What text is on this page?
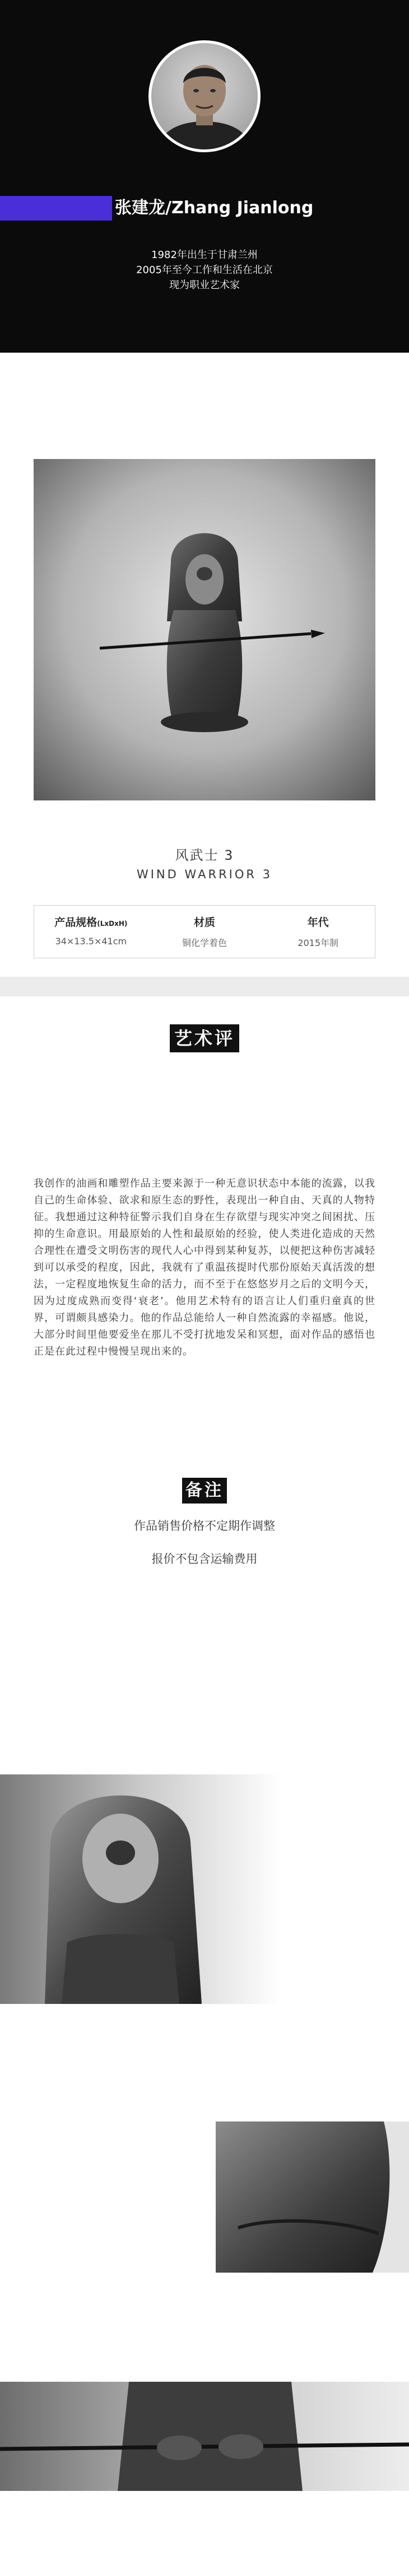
张建龙/Zhang Jianlong
1982年出生于甘肃兰州
2005年至今工作和生活在北京
现为职业艺术家
风武士 3
WIND WARRIOR 3
产品规格(LxDxH)
34×13.5×41cm
材质
铜化学着色
年代
2015年制
艺术评价
我创作的油画和雕塑作品主要来源于一种无意识状态中本能的流露，以我自己的生命体验、欲求和原生态的野性，表现出一种自由、天真的人物特征。我想通过这种特征警示我们自身在生存欲望与现实冲突之间困扰、压抑的生命意识。用最原始的人性和最原始的经验，使人类进化造成的天然合理性在遭受文明伤害的现代人心中得到某种复苏，以便把这种伤害减轻到可以承受的程度，因此，我就有了重温孩提时代那份原始天真活泼的想法，一定程度地恢复生命的活力，而不至于在悠悠岁月之后的文明今天，因为过度成熟而变得‘衰老’。他用艺术特有的语言让人们重归童真的世界，可谓颇具感染力。他的作品总能给人一种自然流露的幸福感。他说，大部分时间里他要爱坐在那儿不受打扰地发呆和冥想，面对作品的感悟也正是在此过程中慢慢呈现出来的。
备注
作品销售价格不定期作调整
报价不包含运输费用
